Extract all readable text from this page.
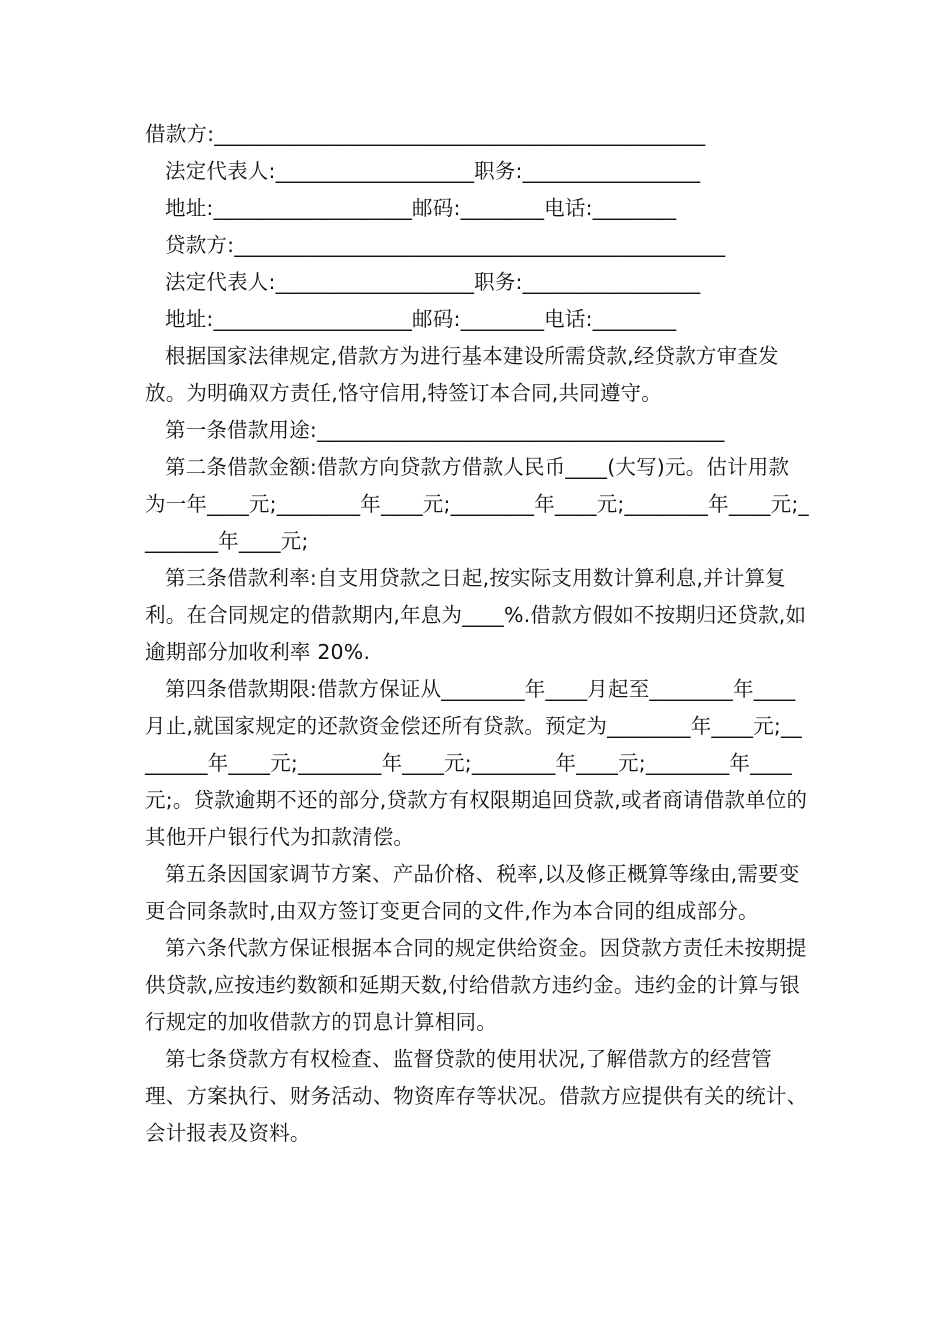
借款方:_______________________________________________
法定代表人:___________________职务:_________________
地址:___________________邮码:________电话:________
贷款方:_______________________________________________
法定代表人:___________________职务:_________________
地址:___________________邮码:________电话:________
根据国家法律规定,借款方为进行基本建设所需贷款,经贷款方审查发放。为明确双方责任,恪守信用,特签订本合同,共同遵守。
第一条借款用途:_______________________________________
第二条借款金额:借款方向贷款方借款人民币____(大写)元。估计用款为一年____元;________年____元;________年____元;________年____元;________年____元;
第三条借款利率:自支用贷款之日起,按实际支用数计算利息,并计算复利。在合同规定的借款期内,年息为____%.借款方假如不按期归还贷款,如逾期部分加收利率 20%.
第四条借款期限:借款方保证从________年____月起至________年____月止,就国家规定的还款资金偿还所有贷款。预定为________年____元;________年____元;________年____元;________年____元;________年____元;。贷款逾期不还的部分,贷款方有权限期追回贷款,或者商请借款单位的其他开户银行代为扣款清偿。
第五条因国家调节方案、产品价格、税率,以及修正概算等缘由,需要变更合同条款时,由双方签订变更合同的文件,作为本合同的组成部分。
第六条代款方保证根据本合同的规定供给资金。因贷款方责任未按期提供贷款,应按违约数额和延期天数,付给借款方违约金。违约金的计算与银行规定的加收借款方的罚息计算相同。
第七条贷款方有权检查、监督贷款的使用状况,了解借款方的经营管理、方案执行、财务活动、物资库存等状况。借款方应提供有关的统计、会计报表及资料。
